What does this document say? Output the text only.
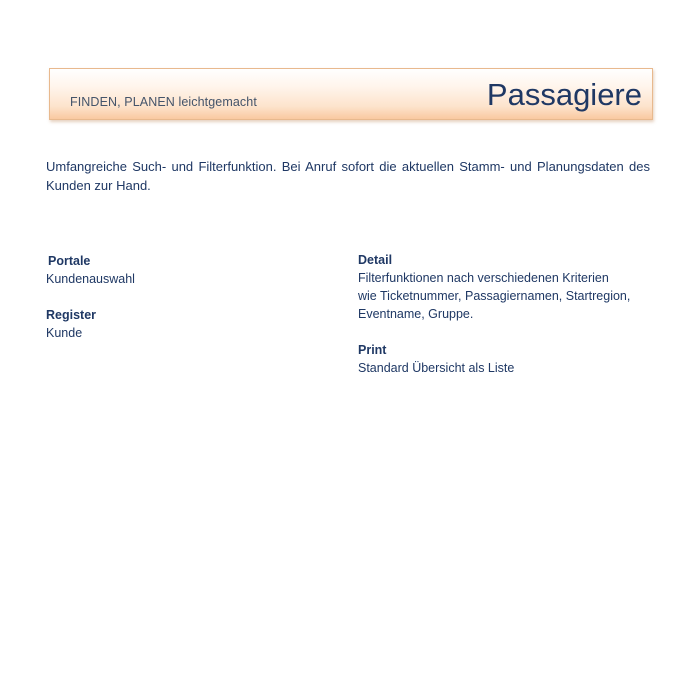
FINDEN, PLANEN leichtgemacht	Passagiere

Umfangreiche Such- und Filterfunktion. Bei Anruf sofort die aktuellen Stamm- und Planungsdaten des Kunden zur Hand.

Portale
Kundenauswahl
Register
Kunde
Detail
Filterfunktionen nach verschiedenen Kriterien
wie Ticketnummer, Passagiernamen, Startregion,
Eventname, Gruppe.
Print
Standard Übersicht als Liste
